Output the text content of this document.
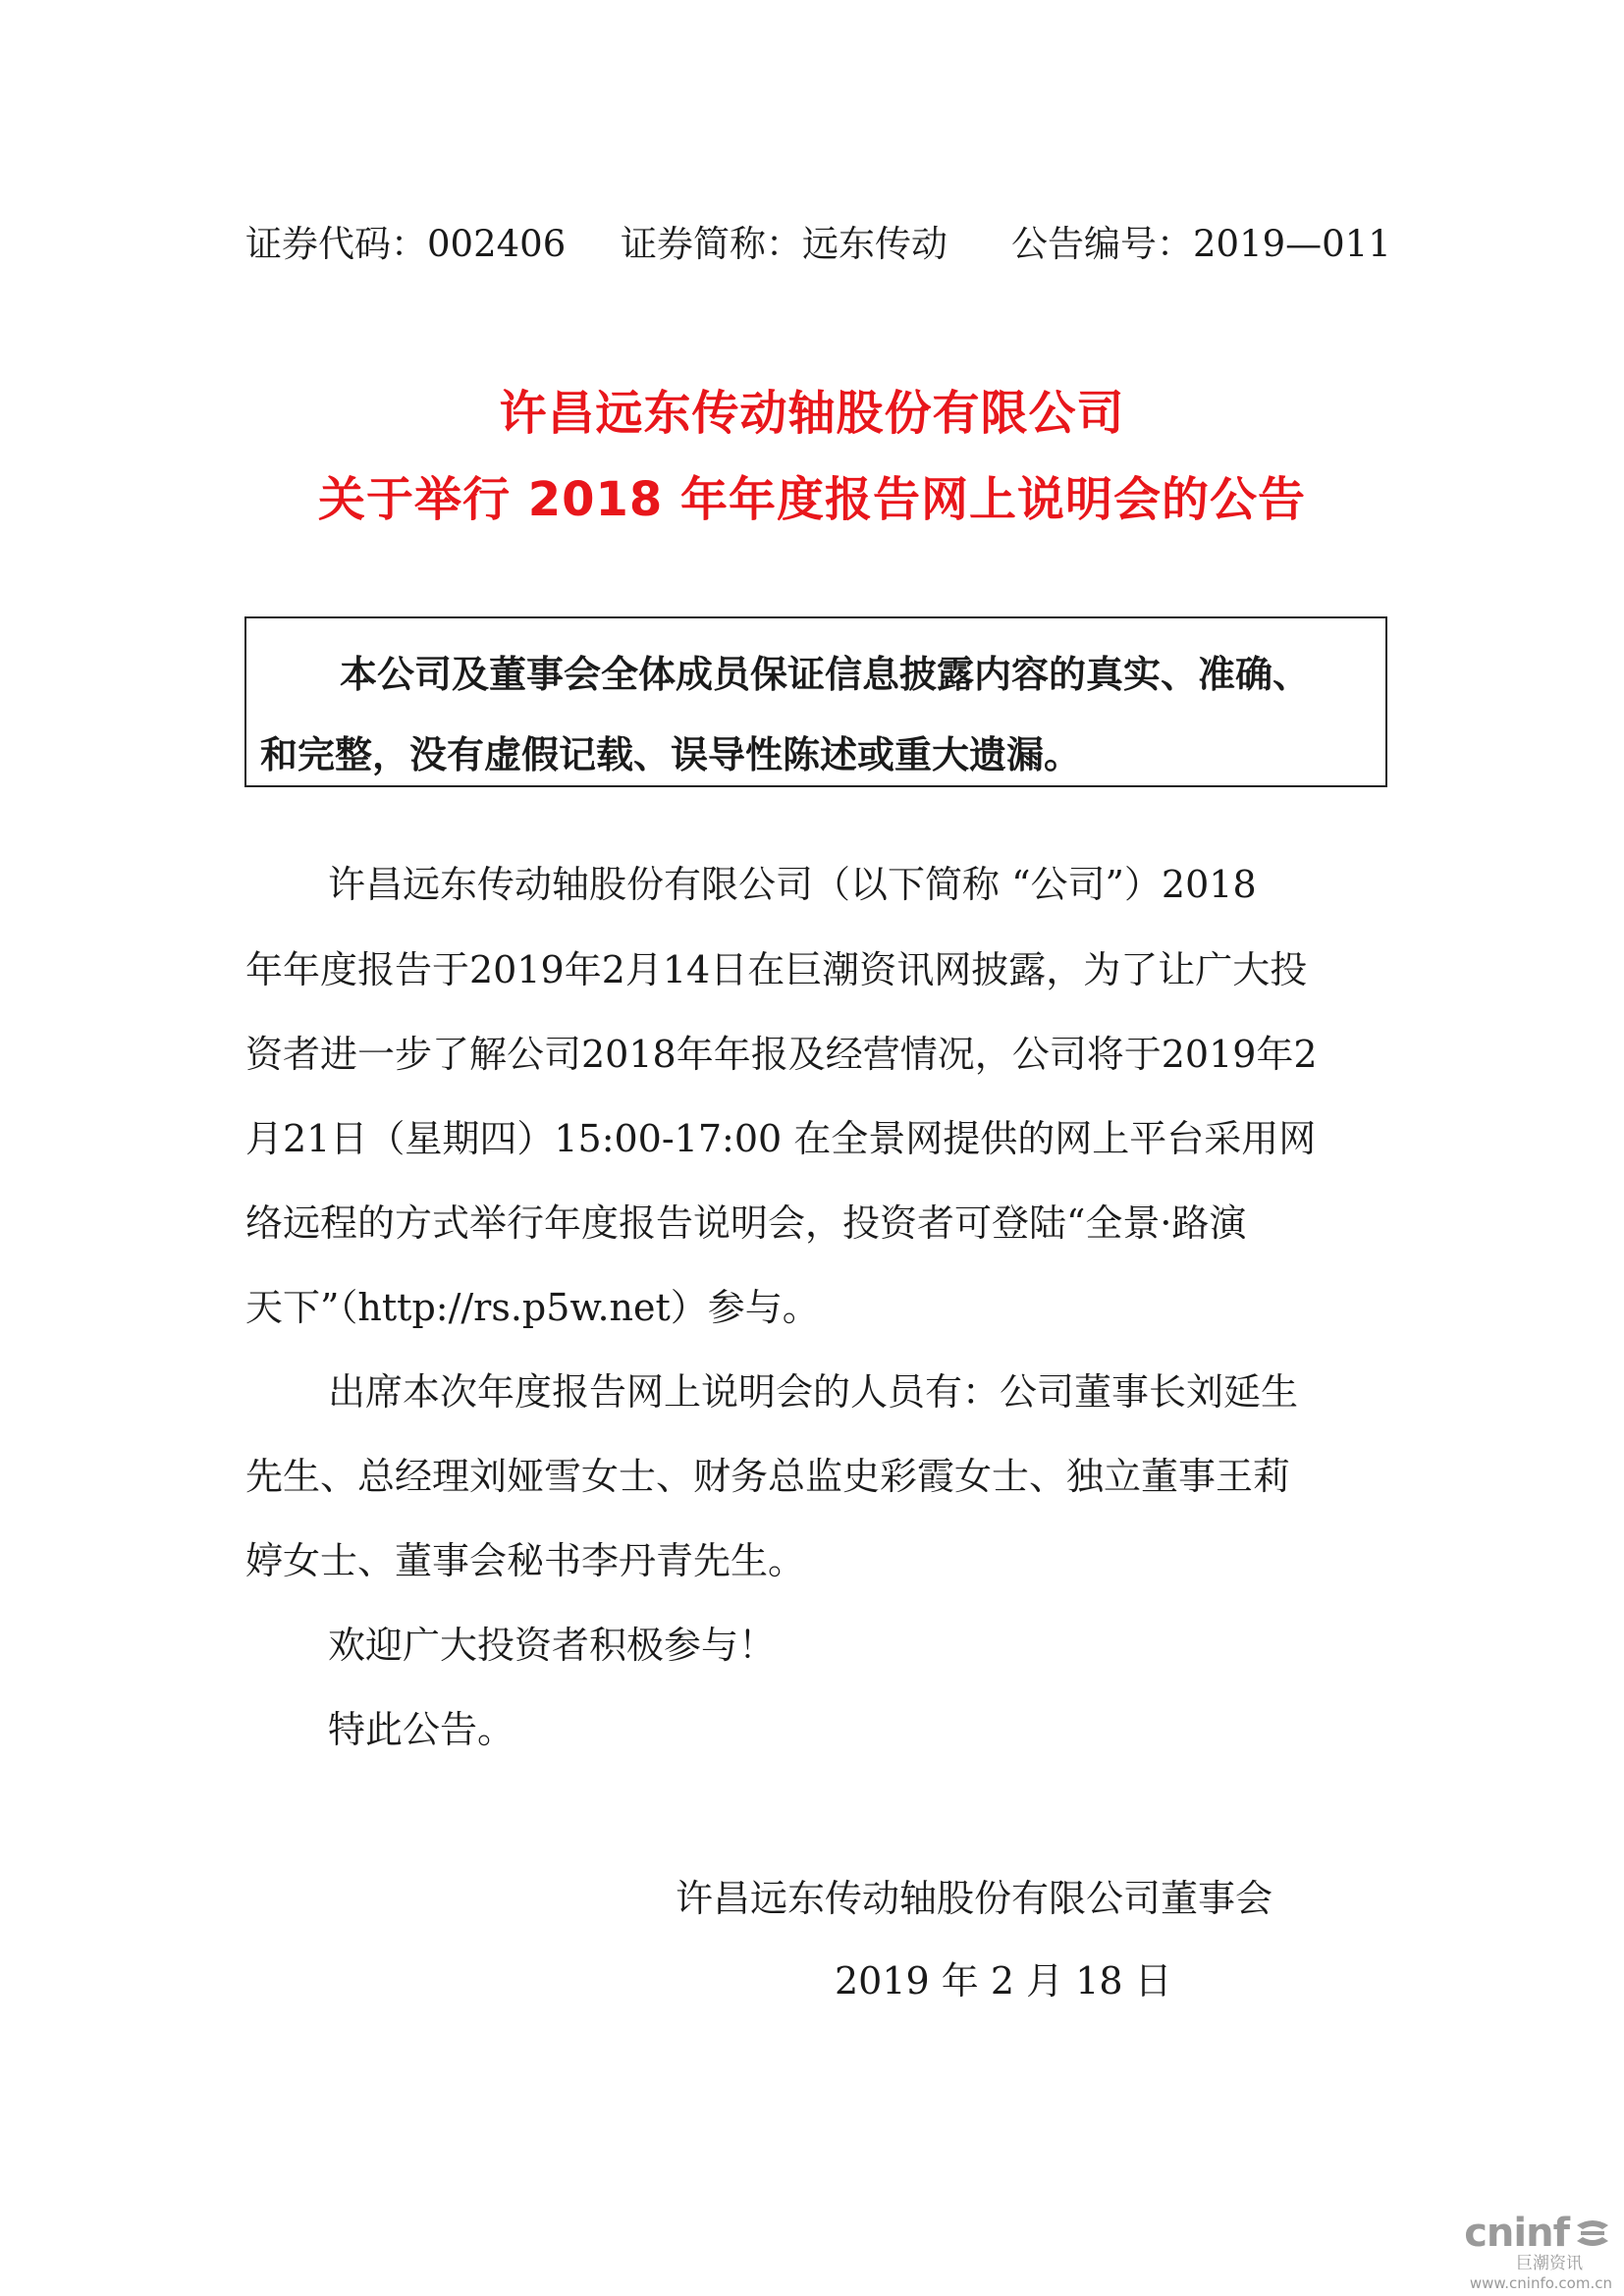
证券代码：002406 证券简称：远东传动 公告编号：2019—011
许昌远东传动轴股份有限公司
关于举行 2018 年年度报告网上说明会的公告
本公司及董事会全体成员保证信息披露内容的真实、准确、
和完整，没有虚假记载、误导性陈述或重大遗漏。
许昌远东传动轴股份有限公司（以下简称 “公司”）2018
年年度报告于2019年2月14日在巨潮资讯网披露，为了让广大投
资者进一步了解公司2018年年报及经营情况，公司将于2019年2
月21日（星期四）15:00-17:00 在全景网提供的网上平台采用网
络远程的方式举行年度报告说明会，投资者可登陆“全景·路演
天下”（http://rs.p5w.net）参与。
出席本次年度报告网上说明会的人员有：公司董事长刘延生
先生、总经理刘娅雪女士、财务总监史彩霞女士、独立董事王莉
婷女士、董事会秘书李丹青先生。
欢迎广大投资者积极参与！
特此公告。
许昌远东传动轴股份有限公司董事会
2019 年 2 月 18 日
cninf
巨潮资讯
www.cninfo.com.cn
